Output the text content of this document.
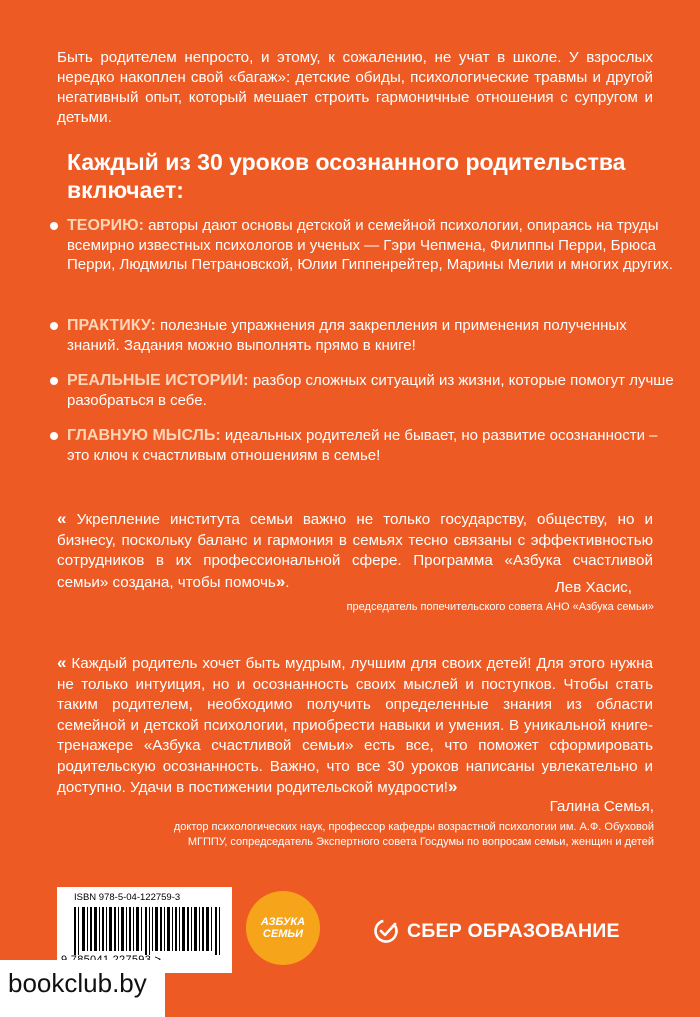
Быть родителем непросто, и этому, к сожалению, не учат в школе. У взрослых нередко накоплен свой «багаж»: детские обиды, психологические травмы и другой негативный опыт, который мешает строить гармоничные отношения с супругом и детьми.
Каждый из 30 уроков осознанного родительства включает:
ТЕОРИЮ: авторы дают основы детской и семейной психологии, опираясь на труды всемирно известных психологов и ученых — Гэри Чепмена, Филиппы Перри, Брюса Перри, Людмилы Петрановской, Юлии Гиппенрейтер, Марины Мелии и многих других.
ПРАКТИКУ: полезные упражнения для закрепления и применения полученных знаний. Задания можно выполнять прямо в книге!
РЕАЛЬНЫЕ ИСТОРИИ: разбор сложных ситуаций из жизни, которые помогут лучше разобраться в себе.
ГЛАВНУЮ МЫСЛЬ: идеальных родителей не бывает, но развитие осознанности – это ключ к счастливым отношениям в семье!
« Укрепление института семьи важно не только государству, обществу, но и бизнесу, поскольку баланс и гармония в семьях тесно связаны с эффективностью сотрудников в их профессиональной сфере. Программа «Азбука счастливой семьи» создана, чтобы помочь».	Лев Хасис,
председатель попечительского совета АНО «Азбука семьи»
« Каждый родитель хочет быть мудрым, лучшим для своих детей! Для этого нужна не только интуиция, но и осознанность своих мыслей и поступков. Чтобы стать таким родителем, необходимо получить определенные знания из области семейной и детской психологии, приобрести навыки и умения. В уникальной книге-тренажере «Азбука счастливой семьи» есть все, что поможет сформировать родительскую осознанность. Важно, что все 30 уроков написаны увлекательно и доступно. Удачи в постижении родительской мудрости!»
Галина Семья,
доктор психологических наук, профессор кафедры возрастной психологии им. А.Ф. Обуховой МГППУ, сопредседатель Экспертного совета Госдумы по вопросам семьи, женщин и детей
ISBN 978-5-04-122759-3
АЗБУКА
СЕМЬИ	СБЕР ОБРАЗОВАНИЕ
bookclub.by
